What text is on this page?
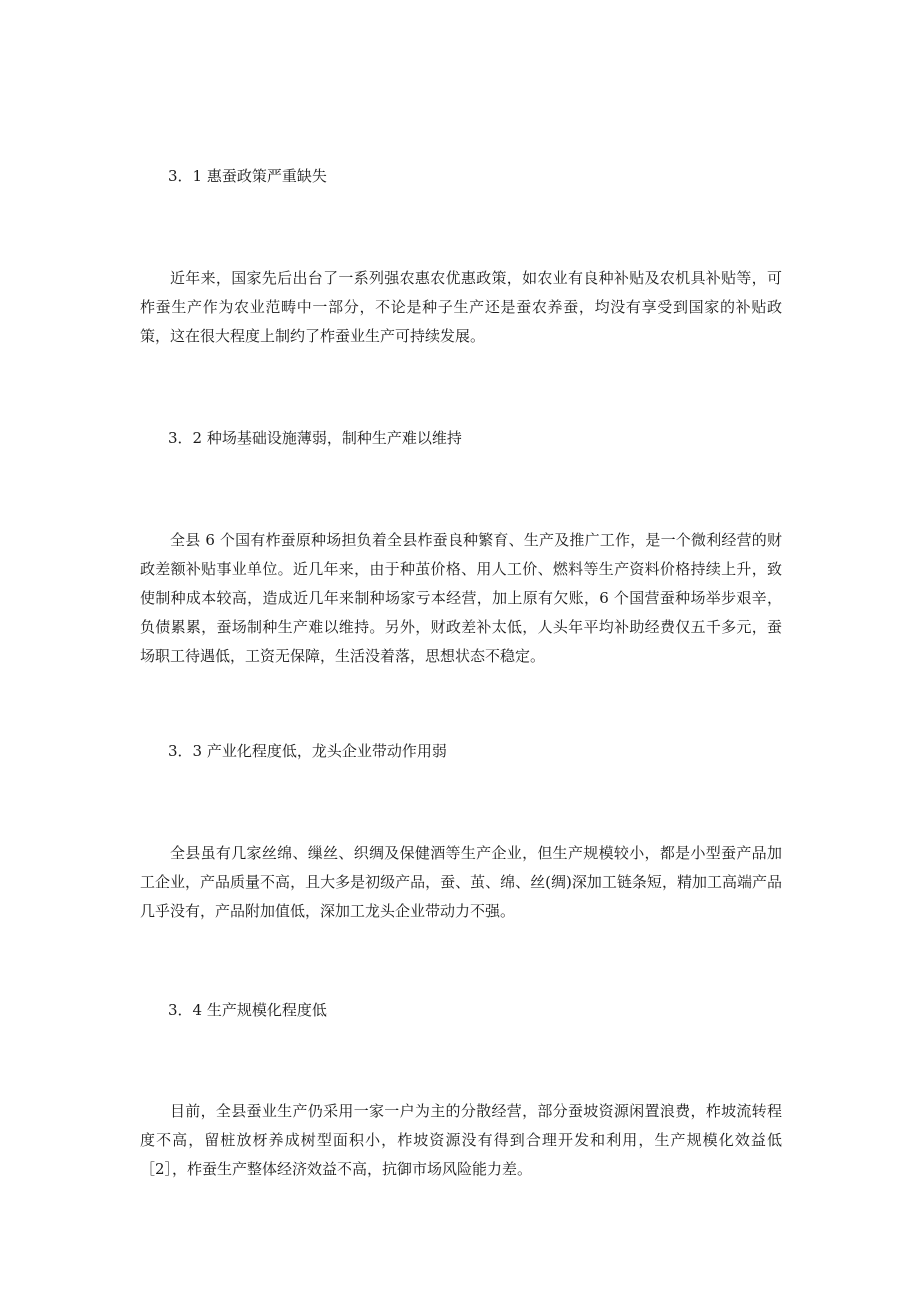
3．1 惠蚕政策严重缺失

近年来，国家先后出台了一系列强农惠农优惠政策，如农业有良种补贴及农机具补贴等，可柞蚕生产作为农业范畴中一部分，不论是种子生产还是蚕农养蚕，均没有享受到国家的补贴政策，这在很大程度上制约了柞蚕业生产可持续发展。

3．2 种场基础设施薄弱，制种生产难以维持

全县 6 个国有柞蚕原种场担负着全县柞蚕良种繁育、生产及推广工作，是一个微利经营的财政差额补贴事业单位。近几年来，由于种茧价格、用人工价、燃料等生产资料价格持续上升，致使制种成本较高，造成近几年来制种场家亏本经营，加上原有欠账，6 个国营蚕种场举步艰辛，负债累累，蚕场制种生产难以维持。另外，财政差补太低，人头年平均补助经费仅五千多元，蚕场职工待遇低，工资无保障，生活没着落，思想状态不稳定。

3．3 产业化程度低，龙头企业带动作用弱

全县虽有几家丝绵、缫丝、织绸及保健酒等生产企业，但生产规模较小，都是小型蚕产品加工企业，产品质量不高，且大多是初级产品，蚕、茧、绵、丝(绸)深加工链条短，精加工高端产品几乎没有，产品附加值低，深加工龙头企业带动力不强。

3．4 生产规模化程度低

目前，全县蚕业生产仍采用一家一户为主的分散经营，部分蚕坡资源闲置浪费，柞坡流转程度不高，留桩放枒养成树型面积小，柞坡资源没有得到合理开发和利用，生产规模化效益低［2］，柞蚕生产整体经济效益不高，抗御市场风险能力差。
